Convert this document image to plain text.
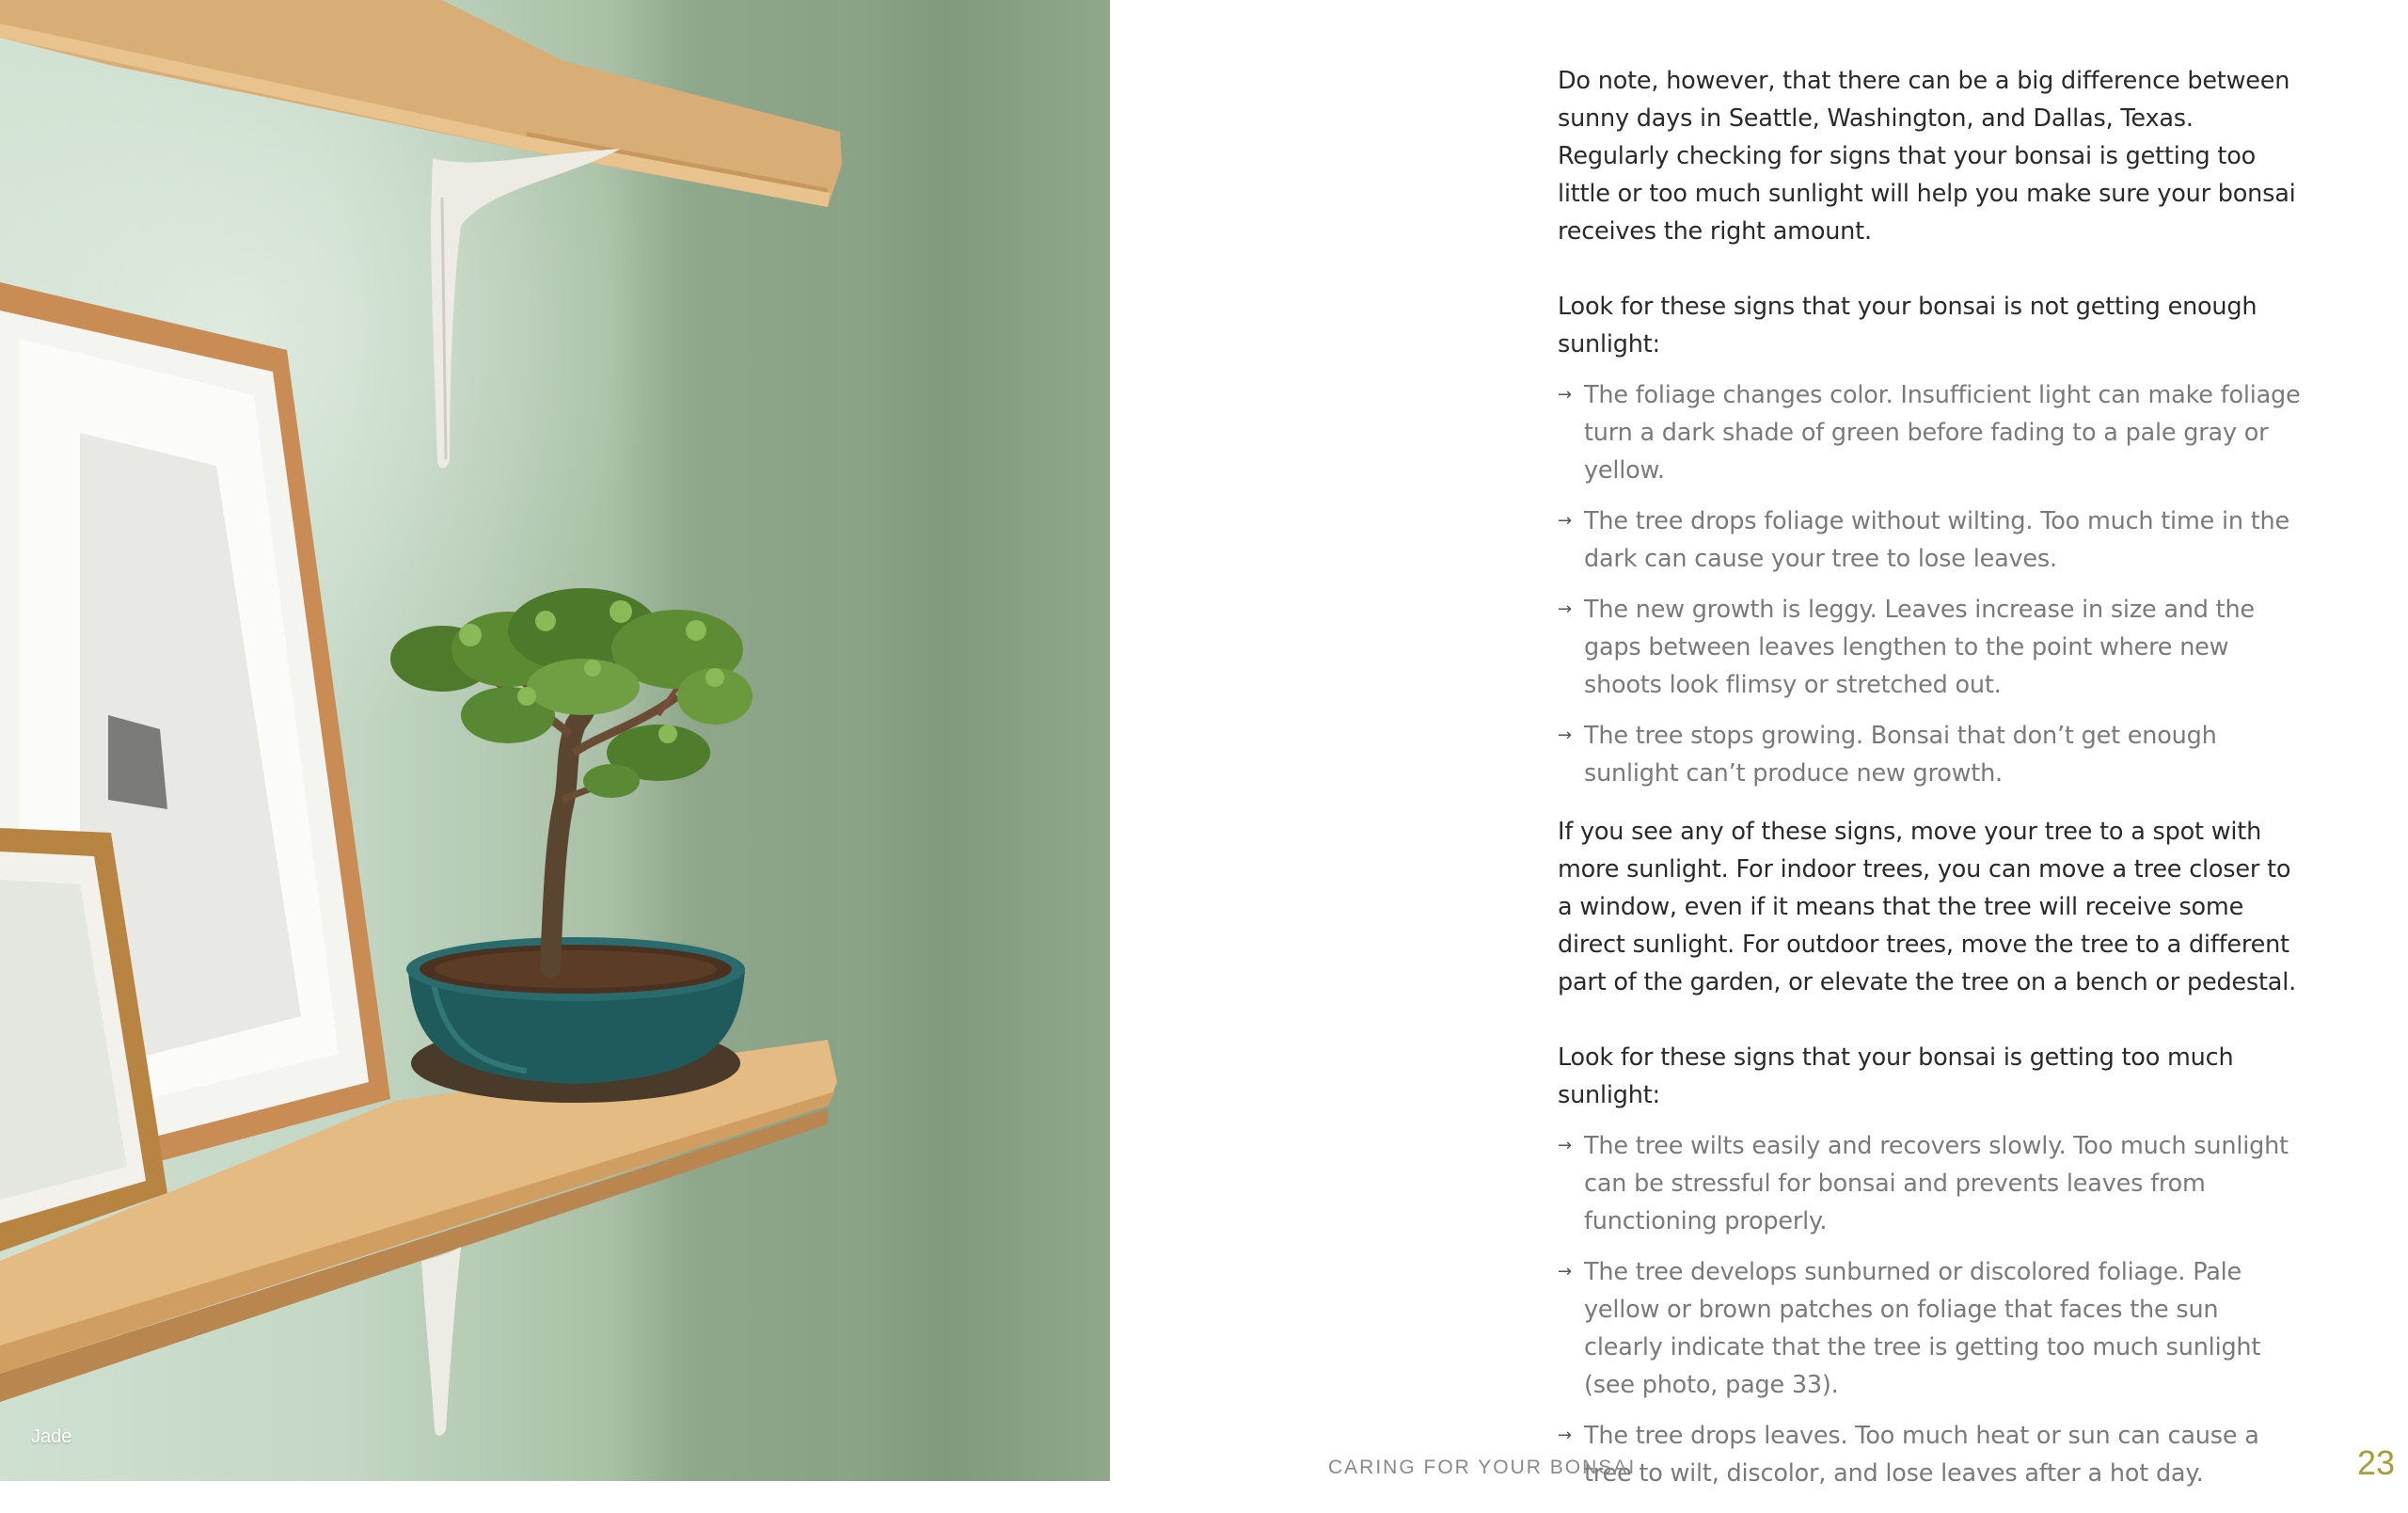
Jade

Do note, however, that there can be a big difference between sunny days in Seattle, Washington, and Dallas, Texas. Regularly checking for signs that your bonsai is getting too little or too much sunlight will help you make sure your bonsai receives the right amount.

Look for these signs that your bonsai is not getting enough sunlight:

→ The foliage changes color. Insufficient light can make foliage turn a dark shade of green before fading to a pale gray or yellow.
→ The tree drops foliage without wilting. Too much time in the dark can cause your tree to lose leaves.
→ The new growth is leggy. Leaves increase in size and the gaps between leaves lengthen to the point where new shoots look flimsy or stretched out.
→ The tree stops growing. Bonsai that don’t get enough sunlight can’t produce new growth.

If you see any of these signs, move your tree to a spot with more sunlight. For indoor trees, you can move a tree closer to a window, even if it means that the tree will receive some direct sunlight. For outdoor trees, move the tree to a different part of the garden, or elevate the tree on a bench or pedestal.

Look for these signs that your bonsai is getting too much sunlight:

→ The tree wilts easily and recovers slowly. Too much sunlight can be stressful for bonsai and prevents leaves from functioning properly.
→ The tree develops sunburned or discolored foliage. Pale yellow or brown patches on foliage that faces the sun clearly indicate that the tree is getting too much sunlight (see photo, page 33).
→ The tree drops leaves. Too much heat or sun can cause a tree to wilt, discolor, and lose leaves after a hot day.
CARING FOR YOUR BONSAI	23
